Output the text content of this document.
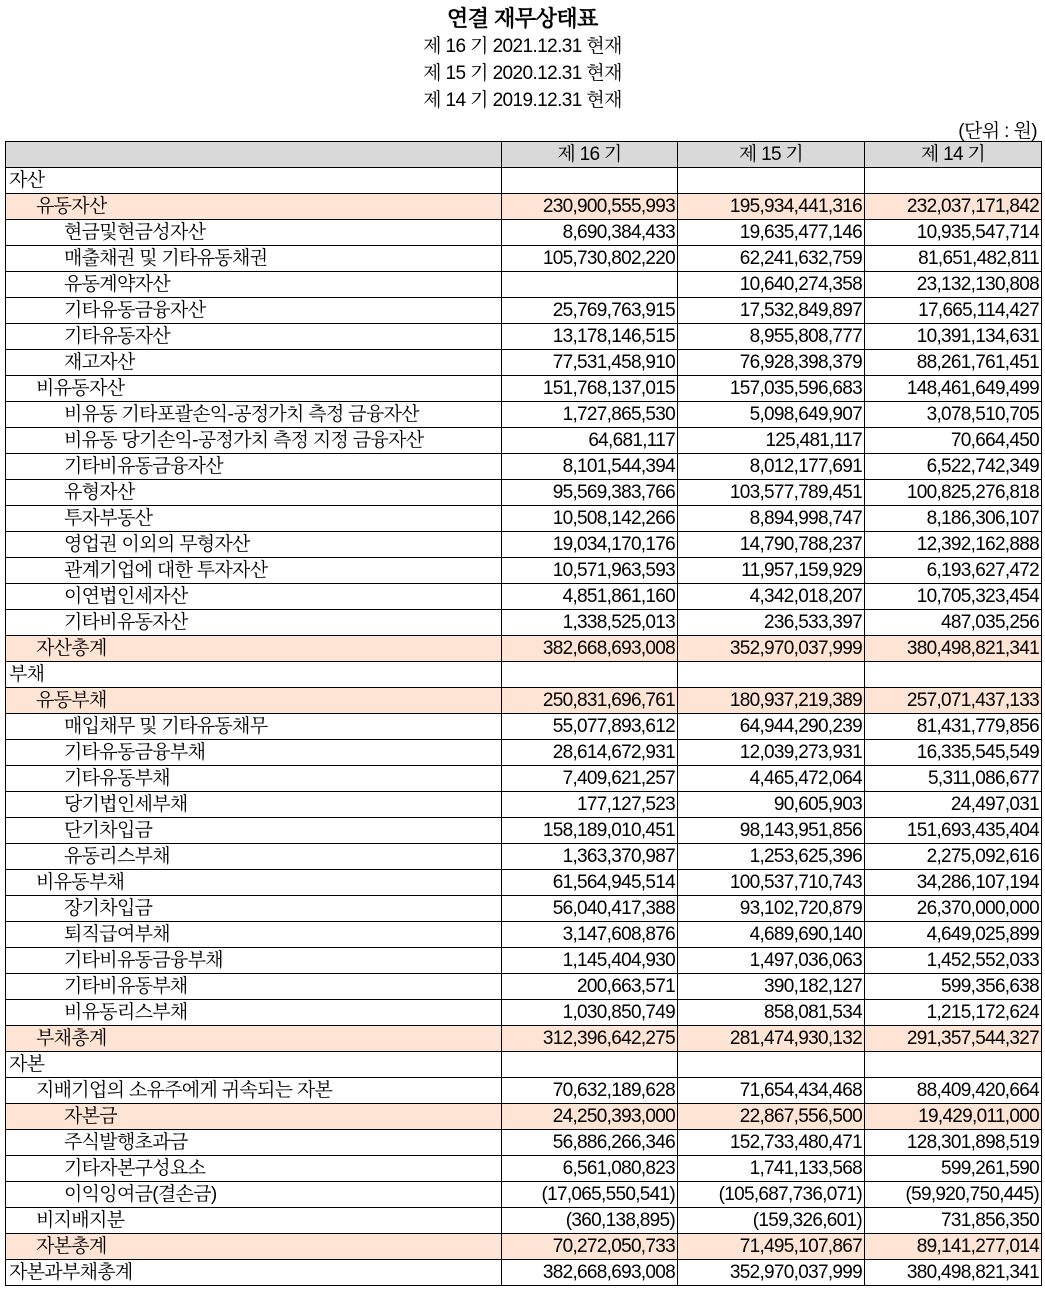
연결 재무상태표
제 16 기 2021.12.31 현재
제 15 기 2020.12.31 현재
제 14 기 2019.12.31 현재
(단위 : 원)
	제 16 기	제 15 기	제 14 기
자산			
유동자산	230,900,555,993	195,934,441,316	232,037,171,842
현금및현금성자산	8,690,384,433	19,635,477,146	10,935,547,714
매출채권 및 기타유동채권	105,730,802,220	62,241,632,759	81,651,482,811
유동계약자산		10,640,274,358	23,132,130,808
기타유동금융자산	25,769,763,915	17,532,849,897	17,665,114,427
기타유동자산	13,178,146,515	8,955,808,777	10,391,134,631
재고자산	77,531,458,910	76,928,398,379	88,261,761,451
비유동자산	151,768,137,015	157,035,596,683	148,461,649,499
비유동 기타포괄손익-공정가치 측정 금융자산	1,727,865,530	5,098,649,907	3,078,510,705
비유동 당기손익-공정가치 측정 지정 금융자산	64,681,117	125,481,117	70,664,450
기타비유동금융자산	8,101,544,394	8,012,177,691	6,522,742,349
유형자산	95,569,383,766	103,577,789,451	100,825,276,818
투자부동산	10,508,142,266	8,894,998,747	8,186,306,107
영업권 이외의 무형자산	19,034,170,176	14,790,788,237	12,392,162,888
관계기업에 대한 투자자산	10,571,963,593	11,957,159,929	6,193,627,472
이연법인세자산	4,851,861,160	4,342,018,207	10,705,323,454
기타비유동자산	1,338,525,013	236,533,397	487,035,256
자산총계	382,668,693,008	352,970,037,999	380,498,821,341
부채			
유동부채	250,831,696,761	180,937,219,389	257,071,437,133
매입채무 및 기타유동채무	55,077,893,612	64,944,290,239	81,431,779,856
기타유동금융부채	28,614,672,931	12,039,273,931	16,335,545,549
기타유동부채	7,409,621,257	4,465,472,064	5,311,086,677
당기법인세부채	177,127,523	90,605,903	24,497,031
단기차입금	158,189,010,451	98,143,951,856	151,693,435,404
유동리스부채	1,363,370,987	1,253,625,396	2,275,092,616
비유동부채	61,564,945,514	100,537,710,743	34,286,107,194
장기차입금	56,040,417,388	93,102,720,879	26,370,000,000
퇴직급여부채	3,147,608,876	4,689,690,140	4,649,025,899
기타비유동금융부채	1,145,404,930	1,497,036,063	1,452,552,033
기타비유동부채	200,663,571	390,182,127	599,356,638
비유동리스부채	1,030,850,749	858,081,534	1,215,172,624
부채총계	312,396,642,275	281,474,930,132	291,357,544,327
자본			
지배기업의 소유주에게 귀속되는 자본	70,632,189,628	71,654,434,468	88,409,420,664
자본금	24,250,393,000	22,867,556,500	19,429,011,000
주식발행초과금	56,886,266,346	152,733,480,471	128,301,898,519
기타자본구성요소	6,561,080,823	1,741,133,568	599,261,590
이익잉여금(결손금)	(17,065,550,541)	(105,687,736,071)	(59,920,750,445)
비지배지분	(360,138,895)	(159,326,601)	731,856,350
자본총계	70,272,050,733	71,495,107,867	89,141,277,014
자본과부채총계	382,668,693,008	352,970,037,999	380,498,821,341
